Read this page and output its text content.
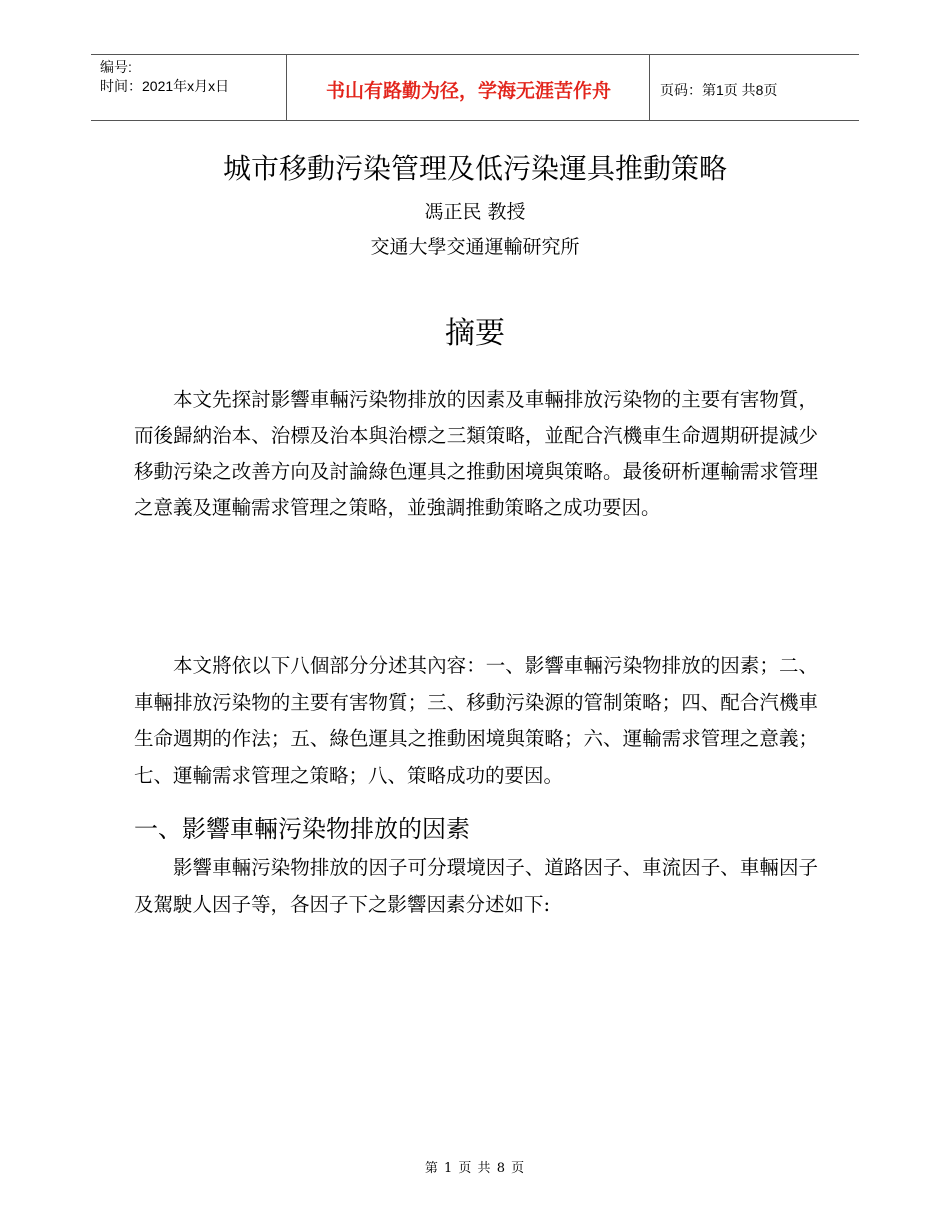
编号:
时间：2021年x月x日	书山有路勤为径，学海无涯苦作舟	页码：第1页 共8页
城市移動污染管理及低污染運具推動策略
馮正民 教授
交通大學交通運輸研究所
摘要
本文先探討影響車輛污染物排放的因素及車輛排放污染物的主要有害物質，而後歸納治本、治標及治本與治標之三類策略，並配合汽機車生命週期研提減少移動污染之改善方向及討論綠色運具之推動困境與策略。最後研析運輸需求管理之意義及運輸需求管理之策略，並強調推動策略之成功要因。
本文將依以下八個部分分述其內容：一、影響車輛污染物排放的因素；二、車輛排放污染物的主要有害物質；三、移動污染源的管制策略；四、配合汽機車生命週期的作法；五、綠色運具之推動困境與策略；六、運輸需求管理之意義；七、運輸需求管理之策略；八、策略成功的要因。
一、影響車輛污染物排放的因素
影響車輛污染物排放的因子可分環境因子、道路因子、車流因子、車輛因子及駕駛人因子等，各因子下之影響因素分述如下:
第 1 页 共 8 页
